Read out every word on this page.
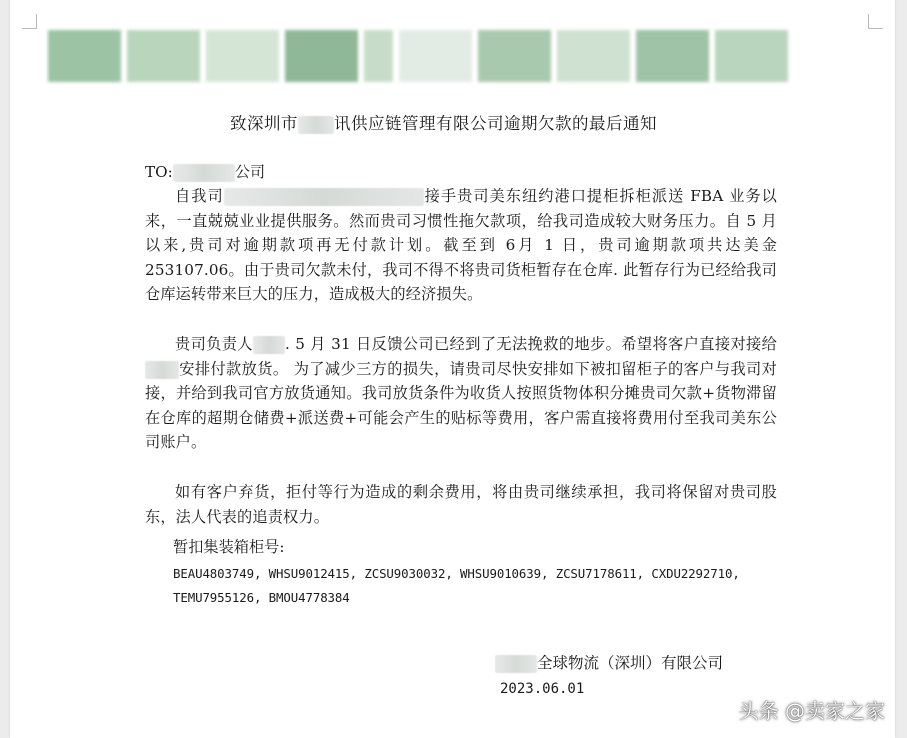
致深圳市 讯供应链管理有限公司逾期欠款的最后通知

TO:	公司

自我司	接手贵司美东纽约港口提柜拆柜派送 FBA 业务以来，一直兢兢业业提供服务。然而贵司习惯性拖欠款项，给我司造成较大财务压力。自 5 月以来,贵司对逾期款项再无付款计划。截至到 6月 1 日，贵司逾期款项共达美金 253107.06。由于贵司欠款未付，我司不得不将贵司货柜暂存在仓库. 此暂存行为已经给我司仓库运转带来巨大的压力，造成极大的经济损失。

贵司负责人 . 5 月 31 日反馈公司已经到了无法挽救的地步。希望将客户直接对接给安排付款放货。 为了减少三方的损失，请贵司尽快安排如下被扣留柜子的客户与我司对接，并给到我司官方放货通知。我司放货条件为收货人按照货物体积分摊贵司欠款+货物滞留在仓库的超期仓储费+派送费+可能会产生的贴标等费用，客户需直接将费用付至我司美东公司账户。

如有客户弃货，拒付等行为造成的剩余费用，将由贵司继续承担，我司将保留对贵司股东，法人代表的追责权力。

暂扣集装箱柜号:
BEAU4803749, WHSU9012415, ZCSU9030032, WHSU9010639, ZCSU7178611, CXDU2292710, TEMU7955126, BMOU4778384
全球物流（深圳）有限公司
2023.06.01
头条 @卖家之家
